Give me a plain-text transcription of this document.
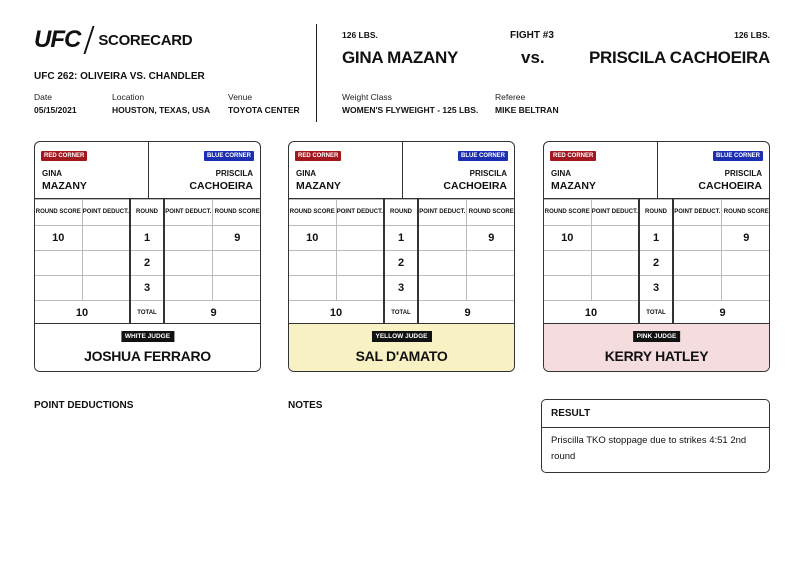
UFC SCORECARD
UFC 262: OLIVEIRA VS. CHANDLER
Date
05/15/2021
Location
HOUSTON, TEXAS, USA
Venue
TOYOTA CENTER
126 LBS.	FIGHT #3	126 LBS.
GINA MAZANY	vs.	PRISCILA CACHOEIRA
Weight Class
WOMEN'S FLYWEIGHT - 125 LBS.
Referee
MIKE BELTRAN
RED CORNER	BLUE CORNER
GINA
MAZANY
PRISCILA
CACHOEIRA
ROUND SCORE	POINT DEDUCT.	ROUND	POINT DEDUCT.	ROUND SCORE
10		1		9
		2		
		3		
10		TOTAL	9	
WHITE JUDGE
JOSHUA FERRARO
RED CORNER	BLUE CORNER
GINA
MAZANY
PRISCILA
CACHOEIRA
ROUND SCORE	POINT DEDUCT.	ROUND	POINT DEDUCT.	ROUND SCORE
10		1		9
		2		
		3		
10		TOTAL	9	
YELLOW JUDGE
SAL D'AMATO
RED CORNER	BLUE CORNER
GINA
MAZANY
PRISCILA
CACHOEIRA
ROUND SCORE	POINT DEDUCT.	ROUND	POINT DEDUCT.	ROUND SCORE
10		1		9
		2		
		3		
10		TOTAL	9	
PINK JUDGE
KERRY HATLEY
POINT DEDUCTIONS	NOTES
RESULT
Priscilla TKO stoppage due to strikes 4:51 2nd round
